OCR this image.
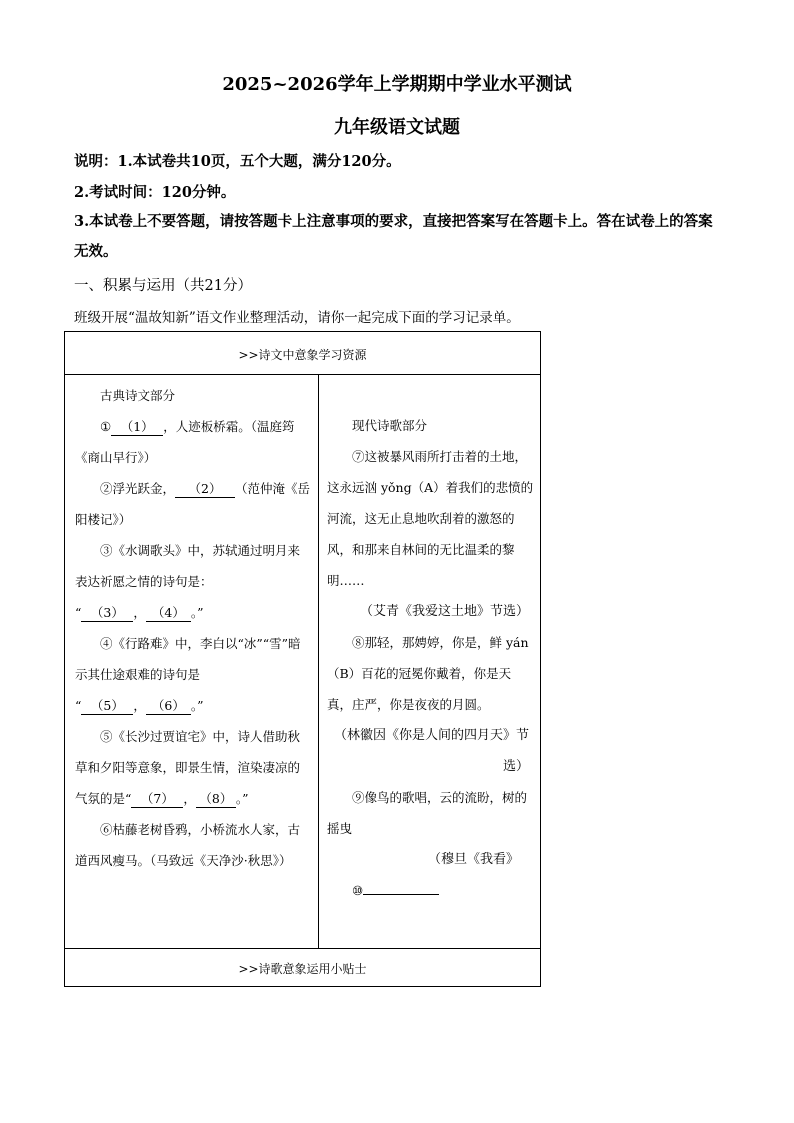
2025~2026学年上学期期中学业水平测试
九年级语文试题
说明：1.本试卷共10页，五个大题，满分120分。
2.考试时间：120分钟。
3.本试卷上不要答题，请按答题卡上注意事项的要求，直接把答案写在答题卡上。答在试卷上的答案无效。
一、积累与运用（共21分）
班级开展“温故知新”语文作业整理活动，请你一起完成下面的学习记录单。
>>诗文中意象学习资源
>>诗歌意象运用小贴士
古典诗文部分
① （1） ，人迹板桥霜。（温庭筠《商山早行》）
②浮光跃金， （2） （范仲淹《岳阳楼记》）
③《水调歌头》中，苏轼通过明月来表达祈愿之情的诗句是：
“ （3） ， （4） 。”
④《行路难》中，李白以“冰”“雪”暗示其仕途艰难的诗句是
“ （5） ， （6） 。”
⑤《长沙过贾谊宅》中，诗人借助秋草和夕阳等意象，即景生情，渲染凄凉的气氛的是“ （7） ， （8） 。”
⑥枯藤老树昏鸦，小桥流水人家，古道西风瘦马。（马致远《天净沙·秋思》）
现代诗歌部分
⑦这被暴风雨所打击着的土地，这永远汹 yǒng（A）着我们的悲愤的河流，这无止息地吹刮着的激怒的风，和那来自林间的无比温柔的黎明……
（艾青《我爱这土地》节选）
⑧那轻，那娉婷，你是，鲜 yán（B）百花的冠冕你戴着，你是天真，庄严，你是夜夜的月圆。
（林徽因《你是人间的四月天》节选）
⑨像鸟的歌唱，云的流盼，树的摇曳
（穆旦《我看》
⑩
